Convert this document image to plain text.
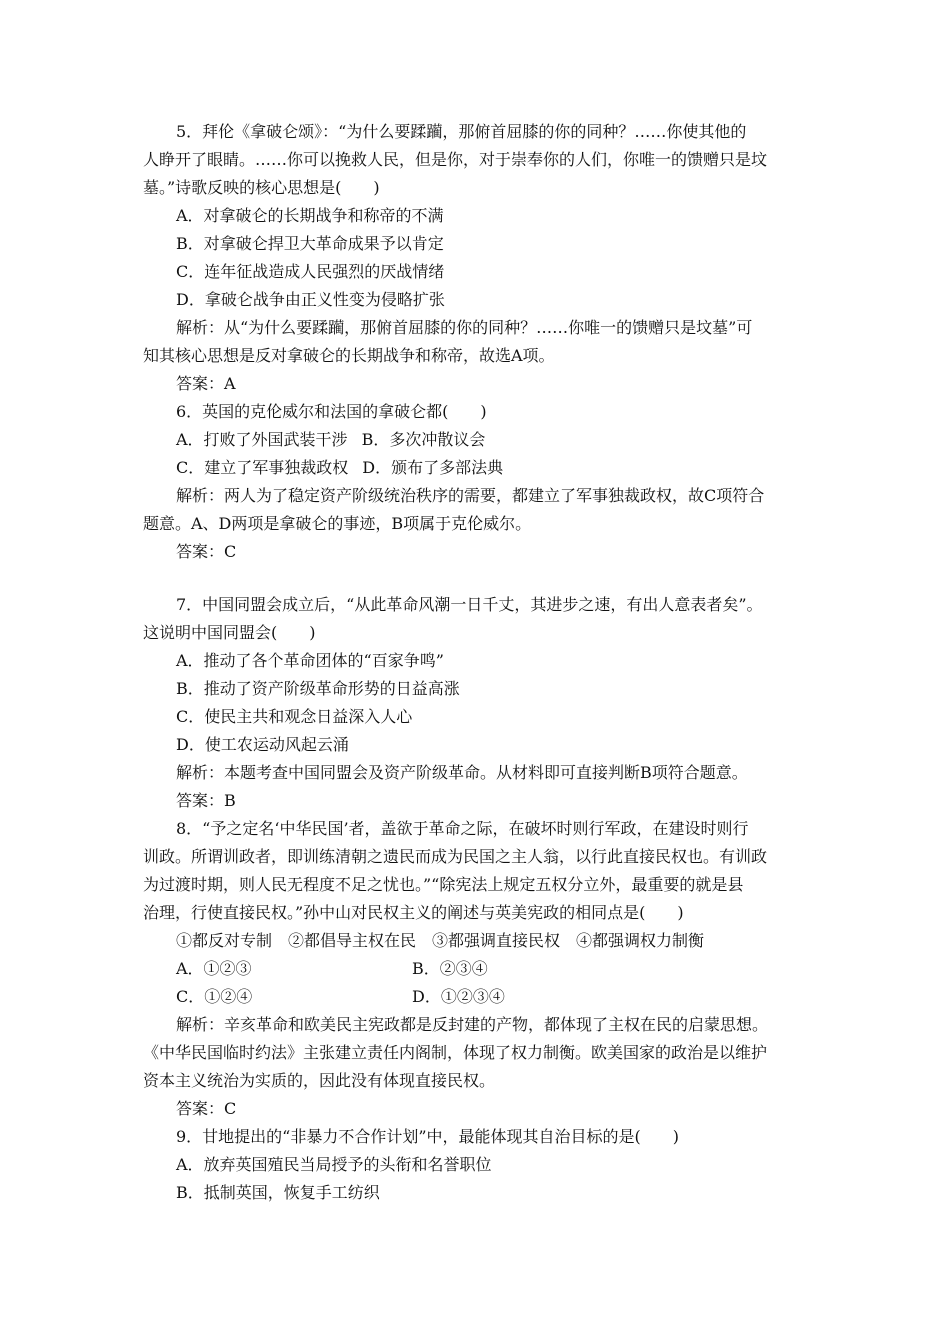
5．拜伦《拿破仑颂》：“为什么要蹂躏，那俯首屈膝的你的同种？……你使其他的
人睁开了眼睛。……你可以挽救人民，但是你，对于崇奉你的人们，你唯一的馈赠只是坟
墓。”诗歌反映的核心思想是(　　)
A．对拿破仑的长期战争和称帝的不满
B．对拿破仑捍卫大革命成果予以肯定
C．连年征战造成人民强烈的厌战情绪
D．拿破仑战争由正义性变为侵略扩张
解析：从“为什么要蹂躏，那俯首屈膝的你的同种？……你唯一的馈赠只是坟墓”可
知其核心思想是反对拿破仑的长期战争和称帝，故选A项。
答案：A
6．英国的克伦威尔和法国的拿破仑都(　　)
A．打败了外国武装干涉 B．多次冲散议会
C．建立了军事独裁政权 D．颁布了多部法典
解析：两人为了稳定资产阶级统治秩序的需要，都建立了军事独裁政权，故C项符合
题意。A、D两项是拿破仑的事迹，B项属于克伦威尔。
答案：C
7．中国同盟会成立后，“从此革命风潮一日千丈，其进步之速，有出人意表者矣”。
这说明中国同盟会(　　)
A．推动了各个革命团体的“百家争鸣”
B．推动了资产阶级革命形势的日益高涨
C．使民主共和观念日益深入人心
D．使工农运动风起云涌
解析：本题考查中国同盟会及资产阶级革命。从材料即可直接判断B项符合题意。
答案：B
8．“予之定名‘中华民国’者，盖欲于革命之际，在破坏时则行军政，在建设时则行
训政。所谓训政者，即训练清朝之遗民而成为民国之主人翁，以行此直接民权也。有训政
为过渡时期，则人民无程度不足之忧也。”“除宪法上规定五权分立外，最重要的就是县
治理，行使直接民权。”孙中山对民权主义的阐述与英美宪政的相同点是(　　)
①都反对专制　②都倡导主权在民　③都强调直接民权　④都强调权力制衡
A．①②③	B．②③④
C．①②④	D．①②③④
解析：辛亥革命和欧美民主宪政都是反封建的产物，都体现了主权在民的启蒙思想。
《中华民国临时约法》主张建立责任内阁制，体现了权力制衡。欧美国家的政治是以维护
资本主义统治为实质的，因此没有体现直接民权。
答案：C
9．甘地提出的“非暴力不合作计划”中，最能体现其自治目标的是(　　)
A．放弃英国殖民当局授予的头衔和名誉职位
B．抵制英国，恢复手工纺织
